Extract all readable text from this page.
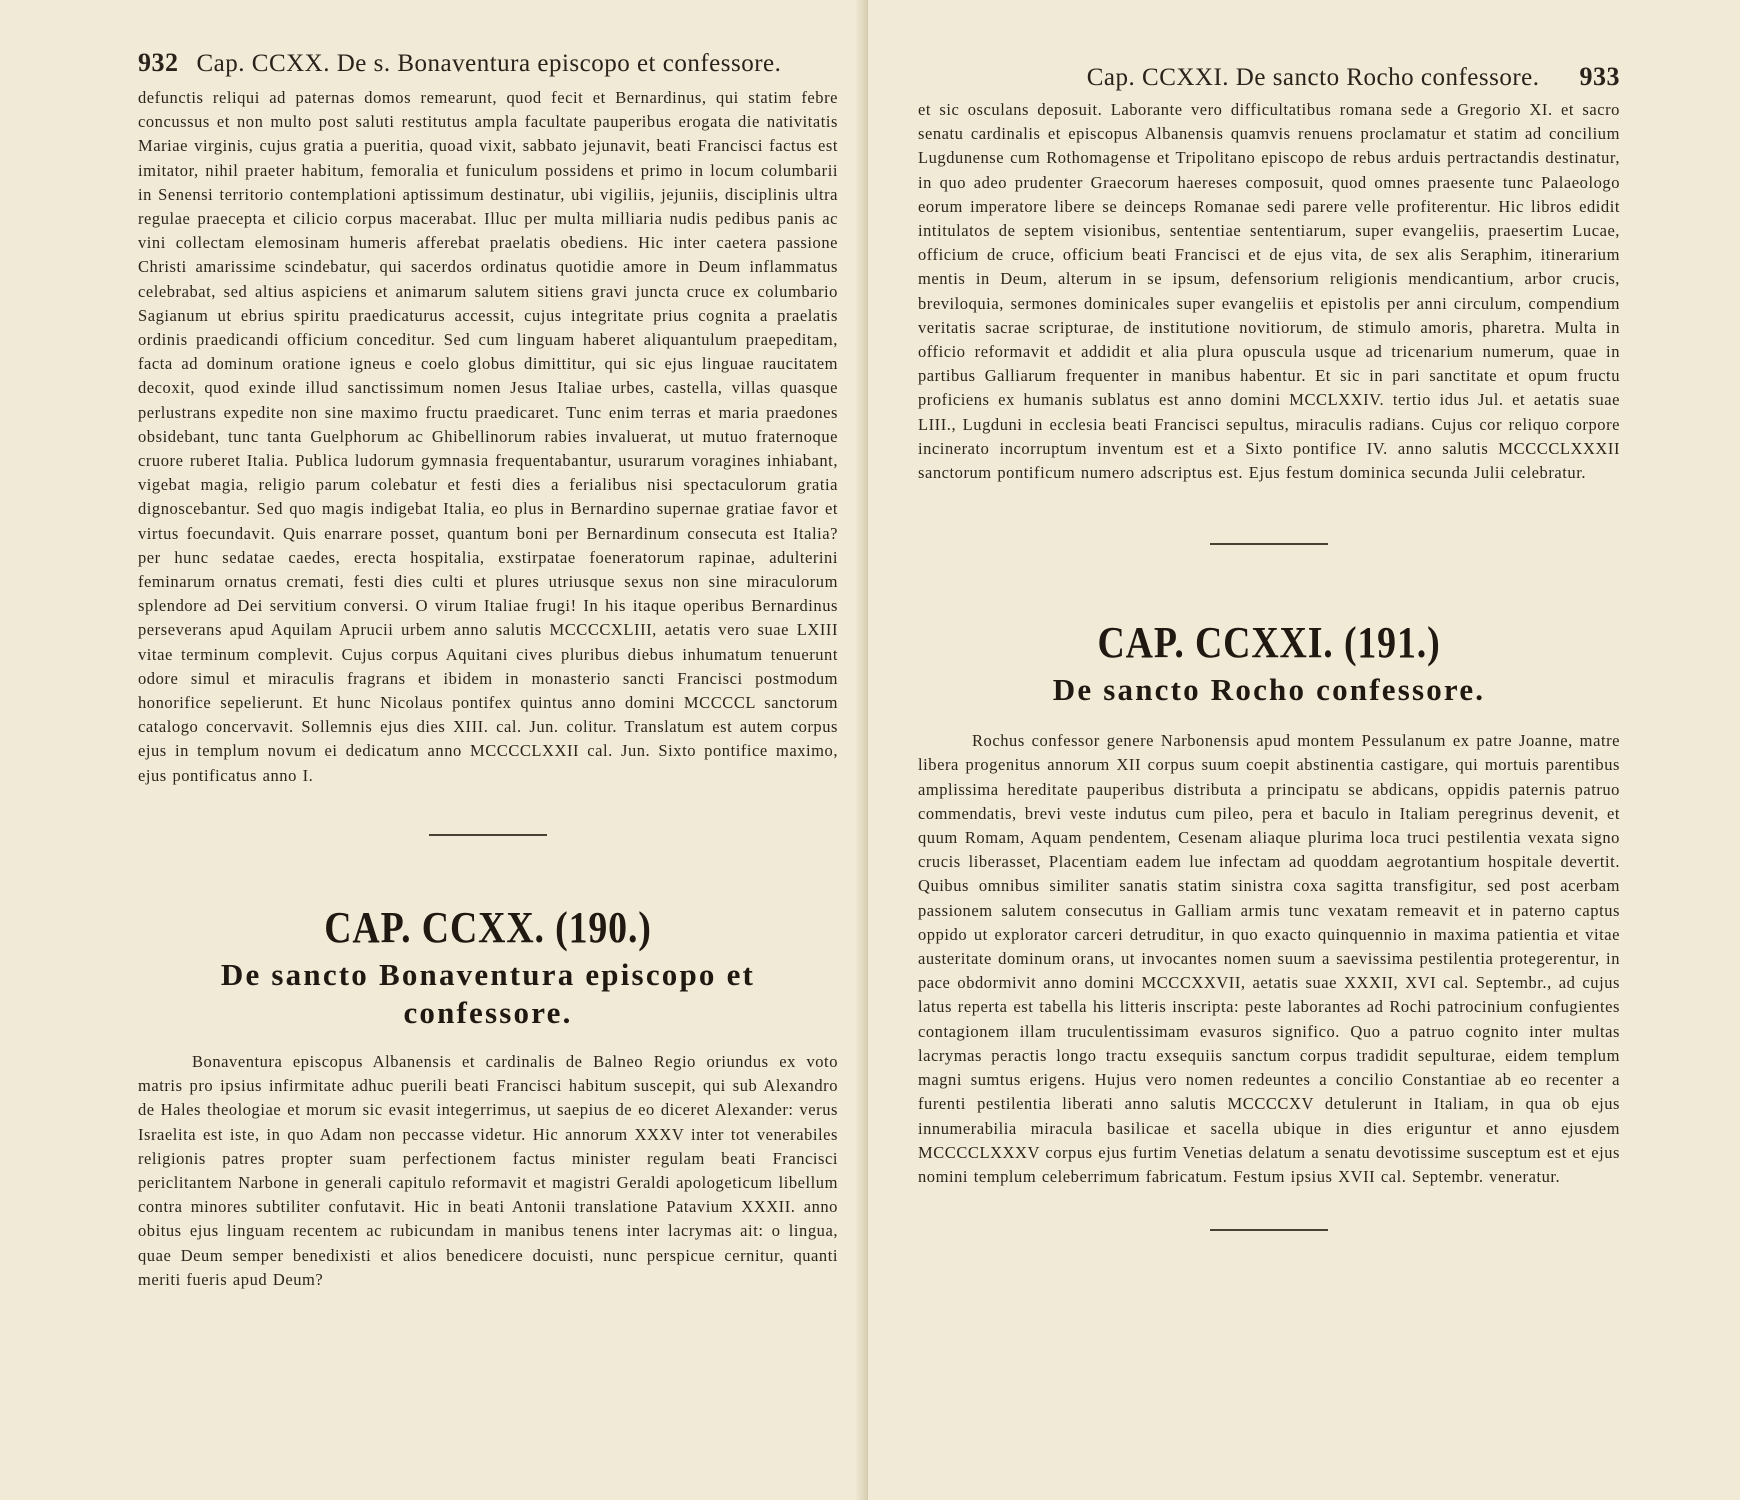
932 Cap. CCXX. De s. Bonaventura episcopo et confessore.

defunctis reliqui ad paternas domos remearunt, quod fecit et Bernardinus, qui statim febre concussus et non multo post saluti restitutus ampla facultate pauperibus erogata die nativitatis Mariae virginis, cujus gratia a pueritia, quoad vixit, sabbato jejunavit, beati Francisci factus est imitator, nihil praeter habitum, femoralia et funiculum possidens et primo in locum columbarii in Senensi territorio contemplationi aptissimum destinatur, ubi vigiliis, jejuniis, disciplinis ultra regulae praecepta et cilicio corpus macerabat. Illuc per multa milliaria nudis pedibus panis ac vini collectam elemosinam humeris afferebat praelatis obediens. Hic inter caetera passione Christi amarissime scindebatur, qui sacerdos ordinatus quotidie amore in Deum inflammatus celebrabat, sed altius aspiciens et animarum salutem sitiens gravi juncta cruce ex columbario Sagianum ut ebrius spiritu praedicaturus accessit, cujus integritate prius cognita a praelatis ordinis praedicandi officium conceditur. Sed cum linguam haberet aliquantulum praepeditam, facta ad dominum oratione igneus e coelo globus dimittitur, qui sic ejus linguae raucitatem decoxit, quod exinde illud sanctissimum nomen Jesus Italiae urbes, castella, villas quasque perlustrans expedite non sine maximo fructu praedicaret. Tunc enim terras et maria praedones obsidebant, tunc tanta Guelphorum ac Ghibellinorum rabies invaluerat, ut mutuo fraternoque cruore ruberet Italia. Publica ludorum gymnasia frequentabantur, usurarum voragines inhiabant, vigebat magia, religio parum colebatur et festi dies a ferialibus nisi spectaculorum gratia dignoscebantur. Sed quo magis indigebat Italia, eo plus in Bernardino supernae gratiae favor et virtus foecundavit. Quis enarrare posset, quantum boni per Bernardinum consecuta est Italia? per hunc sedatae caedes, erecta hospitalia, exstirpatae foeneratorum rapinae, adulterini feminarum ornatus cremati, festi dies culti et plures utriusque sexus non sine miraculorum splendore ad Dei servitium conversi. O virum Italiae frugi! In his itaque operibus Bernardinus perseverans apud Aquilam Aprucii urbem anno salutis MCCCCXLIII, aetatis vero suae LXIII vitae terminum complevit. Cujus corpus Aquitani cives pluribus diebus inhumatum tenuerunt odore simul et miraculis fragrans et ibidem in monasterio sancti Francisci postmodum honorifice sepelierunt. Et hunc Nicolaus pontifex quintus anno domini MCCCCL sanctorum catalogo concervavit. Sollemnis ejus dies XIII. cal. Jun. colitur. Translatum est autem corpus ejus in templum novum ei dedicatum anno MCCCCLXXII cal. Jun. Sixto pontifice maximo, ejus pontificatus anno I.

CAP. CCXX. (190.)
De sancto Bonaventura episcopo et confessore.

Bonaventura episcopus Albanensis et cardinalis de Balneo Regio oriundus ex voto matris pro ipsius infirmitate adhuc puerili beati Francisci habitum suscepit, qui sub Alexandro de Hales theologiae et morum sic evasit integerrimus, ut saepius de eo diceret Alexander: verus Israelita est iste, in quo Adam non peccasse videtur. Hic annorum XXXV inter tot venerabiles religionis patres propter suam perfectionem factus minister regulam beati Francisci periclitantem Narbone in generali capitulo reformavit et magistri Geraldi apologeticum libellum contra minores subtiliter confutavit. Hic in beati Antonii translatione Patavium XXXII. anno obitus ejus linguam recentem ac rubicundam in manibus tenens inter lacrymas ait: o lingua, quae Deum semper benedixisti et alios benedicere docuisti, nunc perspicue cernitur, quanti meriti fueris apud Deum?

Cap. CCXXI. De sancto Rocho confessore. 933

et sic osculans deposuit. Laborante vero difficultatibus romana sede a Gregorio XI. et sacro senatu cardinalis et episcopus Albanensis quamvis renuens proclamatur et statim ad concilium Lugdunense cum Rothomagense et Tripolitano episcopo de rebus arduis pertractandis destinatur, in quo adeo prudenter Graecorum haereses composuit, quod omnes praesente tunc Palaeologo eorum imperatore libere se deinceps Romanae sedi parere velle profiterentur. Hic libros edidit intitulatos de septem visionibus, sententiae sententiarum, super evangeliis, praesertim Lucae, officium de cruce, officium beati Francisci et de ejus vita, de sex alis Seraphim, itinerarium mentis in Deum, alterum in se ipsum, defensorium religionis mendicantium, arbor crucis, breviloquia, sermones dominicales super evangeliis et epistolis per anni circulum, compendium veritatis sacrae scripturae, de institutione novitiorum, de stimulo amoris, pharetra. Multa in officio reformavit et addidit et alia plura opuscula usque ad tricenarium numerum, quae in partibus Galliarum frequenter in manibus habentur. Et sic in pari sanctitate et opum fructu proficiens ex humanis sublatus est anno domini MCCLXXIV. tertio idus Jul. et aetatis suae LIII., Lugduni in ecclesia beati Francisci sepultus, miraculis radians. Cujus cor reliquo corpore incinerato incorruptum inventum est et a Sixto pontifice IV. anno salutis MCCCCLXXXII sanctorum pontificum numero adscriptus est. Ejus festum dominica secunda Julii celebratur.

CAP. CCXXI. (191.)
De sancto Rocho confessore.

Rochus confessor genere Narbonensis apud montem Pessulanum ex patre Joanne, matre libera progenitus annorum XII corpus suum coepit abstinentia castigare, qui mortuis parentibus amplissima hereditate pauperibus distributa a principatu se abdicans, oppidis paternis patruo commendatis, brevi veste indutus cum pileo, pera et baculo in Italiam peregrinus devenit, et quum Romam, Aquam pendentem, Cesenam aliaque plurima loca truci pestilentia vexata signo crucis liberasset, Placentiam eadem lue infectam ad quoddam aegrotantium hospitale devertit. Quibus omnibus similiter sanatis statim sinistra coxa sagitta transfigitur, sed post acerbam passionem salutem consecutus in Galliam armis tunc vexatam remeavit et in paterno captus oppido ut explorator carceri detruditur, in quo exacto quinquennio in maxima patientia et vitae austeritate dominum orans, ut invocantes nomen suum a saevissima pestilentia protegerentur, in pace obdormivit anno domini MCCCXXVII, aetatis suae XXXII, XVI cal. Septembr., ad cujus latus reperta est tabella his litteris inscripta: peste laborantes ad Rochi patrocinium confugientes contagionem illam truculentissimam evasuros significo. Quo a patruo cognito inter multas lacrymas peractis longo tractu exsequiis sanctum corpus tradidit sepulturae, eidem templum magni sumtus erigens. Hujus vero nomen redeuntes a concilio Constantiae ab eo recenter a furenti pestilentia liberati anno salutis MCCCCXV detulerunt in Italiam, in qua ob ejus innumerabilia miracula basilicae et sacella ubique in dies eriguntur et anno ejusdem MCCCCLXXXV corpus ejus furtim Venetias delatum a senatu devotissime susceptum est et ejus nomini templum celeberrimum fabricatum. Festum ipsius XVII cal. Septembr. veneratur.
